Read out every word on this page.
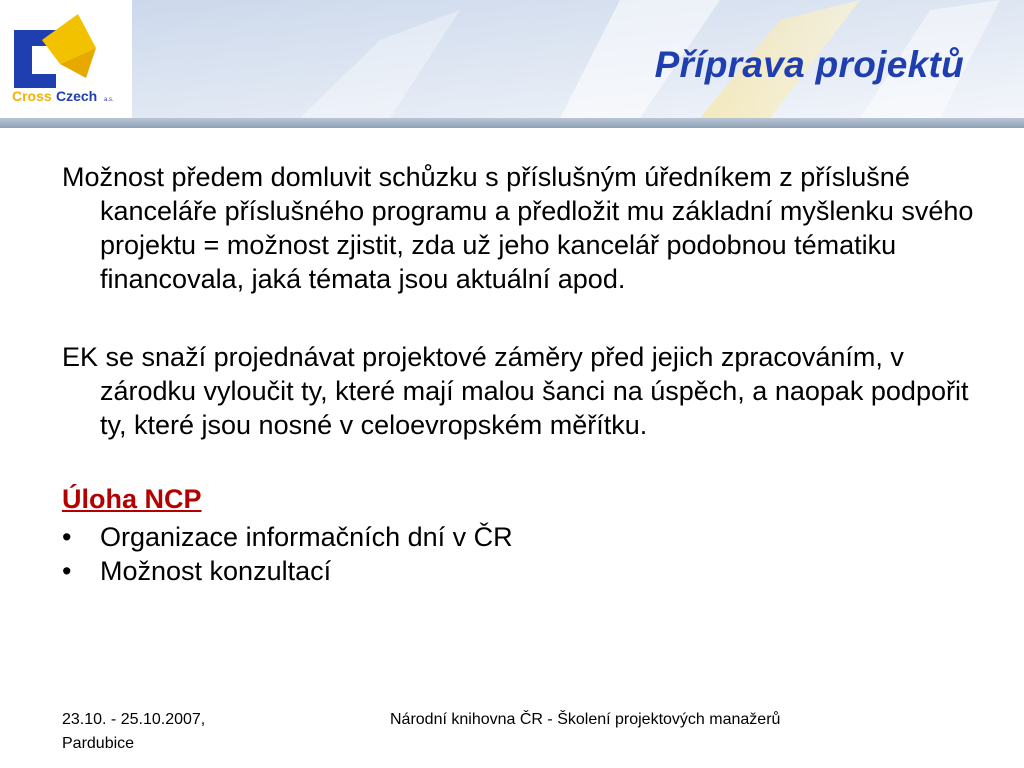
Cross Czech a.s.
Příprava projektů

Možnost předem domluvit schůzku s příslušným úředníkem z příslušné kanceláře příslušného programu a předložit mu základní myšlenku svého projektu = možnost zjistit, zda už jeho kancelář podobnou tématiku financovala, jaká témata jsou aktuální apod.

EK se snaží projednávat projektové záměry před jejich zpracováním, v zárodku vyloučit ty, které mají malou šanci na úspěch, a naopak podpořit ty, které jsou nosné v celoevropském měřítku.

Úloha NCP

•	Organizace informačních dní v ČR
•	Možnost konzultací
23.10. - 25.10.2007,
Pardubice
Národní knihovna ČR - Školení projektových manažerů
